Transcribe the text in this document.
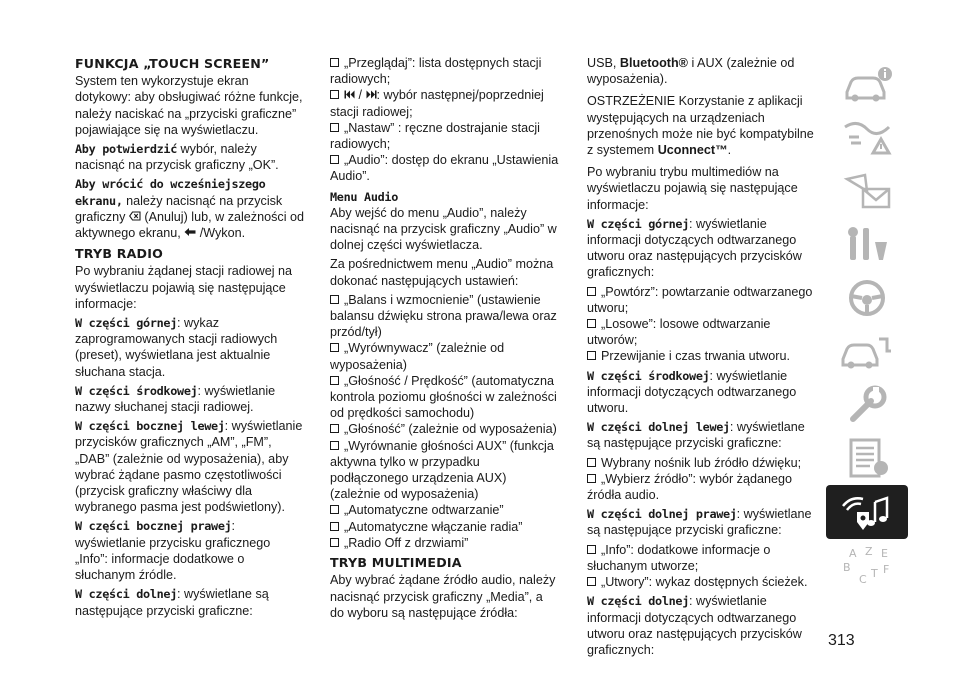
FUNKCJA „TOUCH SCREEN”
System ten wykorzystuje ekran dotykowy: aby obsługiwać różne funkcje, należy naciskać na „przyciski graficzne” pojawiające się na wyświetlaczu.
Aby potwierdzić wybór, należy nacisnąć na przycisk graficzny „OK”.
Aby wrócić do wcześniejszego ekranu, należy nacisnąć na przycisk graficzny  (Anuluj) lub, w zależności od aktywnego ekranu,  /Wykon.
TRYB RADIO
Po wybraniu żądanej stacji radiowej na wyświetlaczu pojawią się następujące informacje:
W części górnej: wykaz zaprogramowanych stacji radiowych (preset), wyświetlana jest aktualnie słuchana stacja.
W części środkowej: wyświetlanie nazwy słuchanej stacji radiowej.
W części bocznej lewej: wyświetlanie przycisków graficznych „AM”, „FM”, „DAB” (zależnie od wyposażenia), aby wybrać żądane pasmo częstotliwości (przycisk graficzny właściwy dla wybranego pasma jest podświetlony).
W części bocznej prawej: wyświetlanie przycisku graficznego „Info”: informacje dodatkowe o słuchanym źródle.
W części dolnej: wyświetlane są następujące przyciski graficzne:
„Przeglądaj”: lista dostępnych stacji radiowych;
/ : wybór następnej/poprzedniej stacji radiowej;
„Nastaw” : ręczne dostrajanie stacji radiowych;
„Audio”: dostęp do ekranu „Ustawienia Audio”.
Menu Audio
Aby wejść do menu „Audio”, należy nacisnąć na przycisk graficzny „Audio” w dolnej części wyświetlacza.
Za pośrednictwem menu „Audio” można dokonać następujących ustawień:
„Balans i wzmocnienie” (ustawienie balansu dźwięku strona prawa/lewa oraz przód/tył)
„Wyrównywacz” (zależnie od wyposażenia)
„Głośność / Prędkość” (automatyczna kontrola poziomu głośności w zależności od prędkości samochodu)
„Głośność” (zależnie od wyposażenia)
„Wyrównanie głośności AUX” (funkcja aktywna tylko w przypadku podłączonego urządzenia AUX) (zależnie od wyposażenia)
„Automatyczne odtwarzanie”
„Automatyczne włączanie radia”
„Radio Off z drzwiami”
TRYB MULTIMEDIA
Aby wybrać żądane źródło audio, należy nacisnąć przycisk graficzny „Media”, a do wyboru są następujące źródła:
USB, Bluetooth® i AUX (zależnie od wyposażenia).
OSTRZEŻENIE Korzystanie z aplikacji występujących na urządzeniach przenośnych może nie być kompatybilne z systemem Uconnect™.
Po wybraniu trybu multimediów na wyświetlaczu pojawią się następujące informacje:
W części górnej: wyświetlanie informacji dotyczących odtwarzanego utworu oraz następujących przycisków graficznych:
„Powtórz”: powtarzanie odtwarzanego utworu;
„Losowe”: losowe odtwarzanie utworów;
Przewijanie i czas trwania utworu.
W części środkowej: wyświetlanie informacji dotyczących odtwarzanego utworu.
W części dolnej lewej: wyświetlane są następujące przyciski graficzne:
Wybrany nośnik lub źródło dźwięku;
„Wybierz źródło”: wybór żądanego źródła audio.
W części dolnej prawej: wyświetlane są następujące przyciski graficzne:
„Info”: dodatkowe informacje o słuchanym utworze;
„Utwory”: wykaz dostępnych ścieżek.
W części dolnej: wyświetlanie informacji dotyczących odtwarzanego utworu oraz następujących przycisków graficznych:
A Z E
B
C T F
313
